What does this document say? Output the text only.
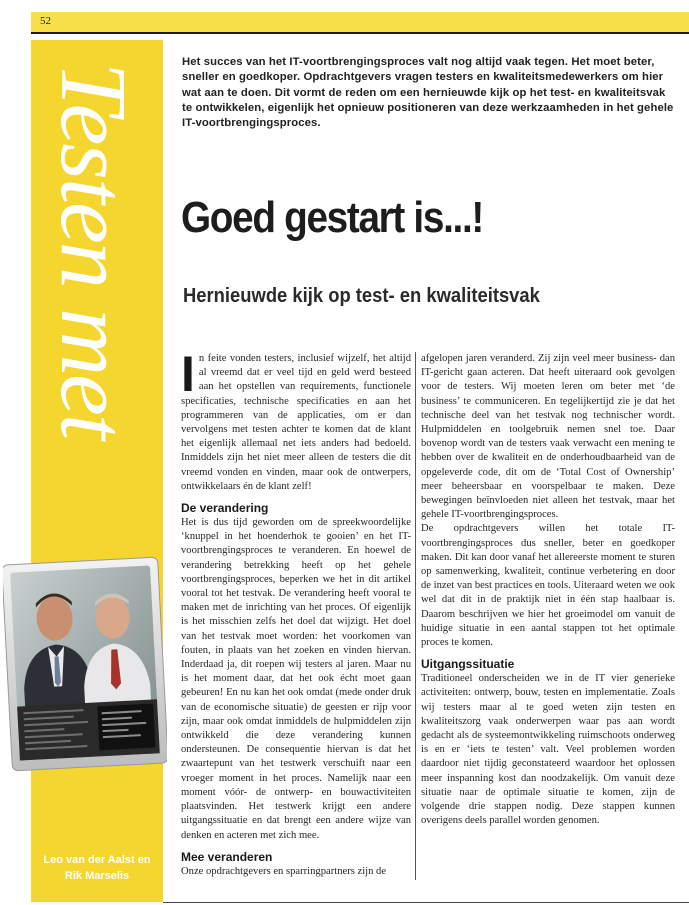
52
Testen met
Leo van der Aalst en
Rik Marselis

Het succes van het IT-voortbrengingsproces valt nog altijd vaak tegen. Het moet beter, sneller en goedkoper. Opdrachtgevers vragen testers en kwaliteitsmedewerkers om hier wat aan te doen. Dit vormt de reden om een hernieuwde kijk op het test- en kwaliteitsvak te ontwikkelen, eigenlijk het opnieuw positioneren van deze werkzaamheden in het gehele IT-voortbrengingsproces.

Goed gestart is...!
Hernieuwde kijk op test- en kwaliteitsvak

In feite vonden testers, inclusief wijzelf, het altijd al vreemd dat er veel tijd en geld werd besteed aan het opstellen van requirements, functionele specificaties, technische specificaties en aan het programmeren van de applicaties, om er dan vervolgens met testen achter te komen dat de klant het eigenlijk allemaal net iets anders had bedoeld. Inmiddels zijn het niet meer alleen de testers die dit vreemd vonden en vinden, maar ook de ontwerpers, ontwikkelaars én de klant zelf!

De verandering

Het is dus tijd geworden om de spreekwoordelijke ‘knuppel in het hoenderhok te gooien’ en het IT-voortbrengingsproces te veranderen. En hoewel de verandering betrekking heeft op het gehele voortbrengingsproces, beperken we het in dit artikel vooral tot het testvak. De verandering heeft vooral te maken met de inrichting van het proces. Of eigenlijk is het misschien zelfs het doel dat wijzigt. Het doel van het testvak moet worden: het voorkomen van fouten, in plaats van het zoeken en vinden hiervan. Inderdaad ja, dit roepen wij testers al jaren. Maar nu is het moment daar, dat het ook écht moet gaan gebeuren! En nu kan het ook omdat (mede onder druk van de economische situatie) de geesten er rijp voor zijn, maar ook omdat inmiddels de hulpmiddelen zijn ontwikkeld die deze verandering kunnen ondersteunen. De consequentie hiervan is dat het zwaartepunt van het testwerk verschuift naar een vroeger moment in het proces. Namelijk naar een moment vóór- de ontwerp- en bouwactiviteiten plaatsvinden. Het testwerk krijgt een andere uitgangssituatie en dat brengt een andere wijze van denken en acteren met zich mee.

Mee veranderen

Onze opdrachtgevers en sparringpartners zijn de

afgelopen jaren veranderd. Zij zijn veel meer business- dan IT-gericht gaan acteren. Dat heeft uiteraard ook gevolgen voor de testers. Wij moeten leren om beter met ‘de business’ te communiceren. En tegelijkertijd zie je dat het technische deel van het testvak nog technischer wordt. Hulpmiddelen en toolgebruik nemen snel toe. Daar bovenop wordt van de testers vaak verwacht een mening te hebben over de kwaliteit en de onderhoudbaarheid van de opgeleverde code, dit om de ‘Total Cost of Ownership’ meer beheersbaar en voorspelbaar te maken. Deze bewegingen beïnvloeden niet alleen het testvak, maar het gehele IT-voortbrengingsproces.

De opdrachtgevers willen het totale IT-voortbrengingsproces dus sneller, beter en goedkoper maken. Dit kan door vanaf het allereerste moment te sturen op samenwerking, kwaliteit, continue verbetering en door de inzet van best practices en tools. Uiteraard weten we ook wel dat dit in de praktijk niet in één stap haalbaar is. Daarom beschrijven we hier het groeimodel om vanuit de huidige situatie in een aantal stappen tot het optimale proces te komen.

Uitgangssituatie

Traditioneel onderscheiden we in de IT vier generieke activiteiten: ontwerp, bouw, testen en implementatie. Zoals wij testers maar al te goed weten zijn testen en kwaliteitszorg vaak onderwerpen waar pas aan wordt gedacht als de systeemontwikkeling ruimschoots onderweg is en er ‘iets te testen’ valt. Veel problemen worden daardoor niet tijdig geconstateerd waardoor het oplossen meer inspanning kost dan noodzakelijk. Om vanuit deze situatie naar de optimale situatie te komen, zijn de volgende drie stappen nodig. Deze stappen kunnen overigens deels parallel worden genomen.
